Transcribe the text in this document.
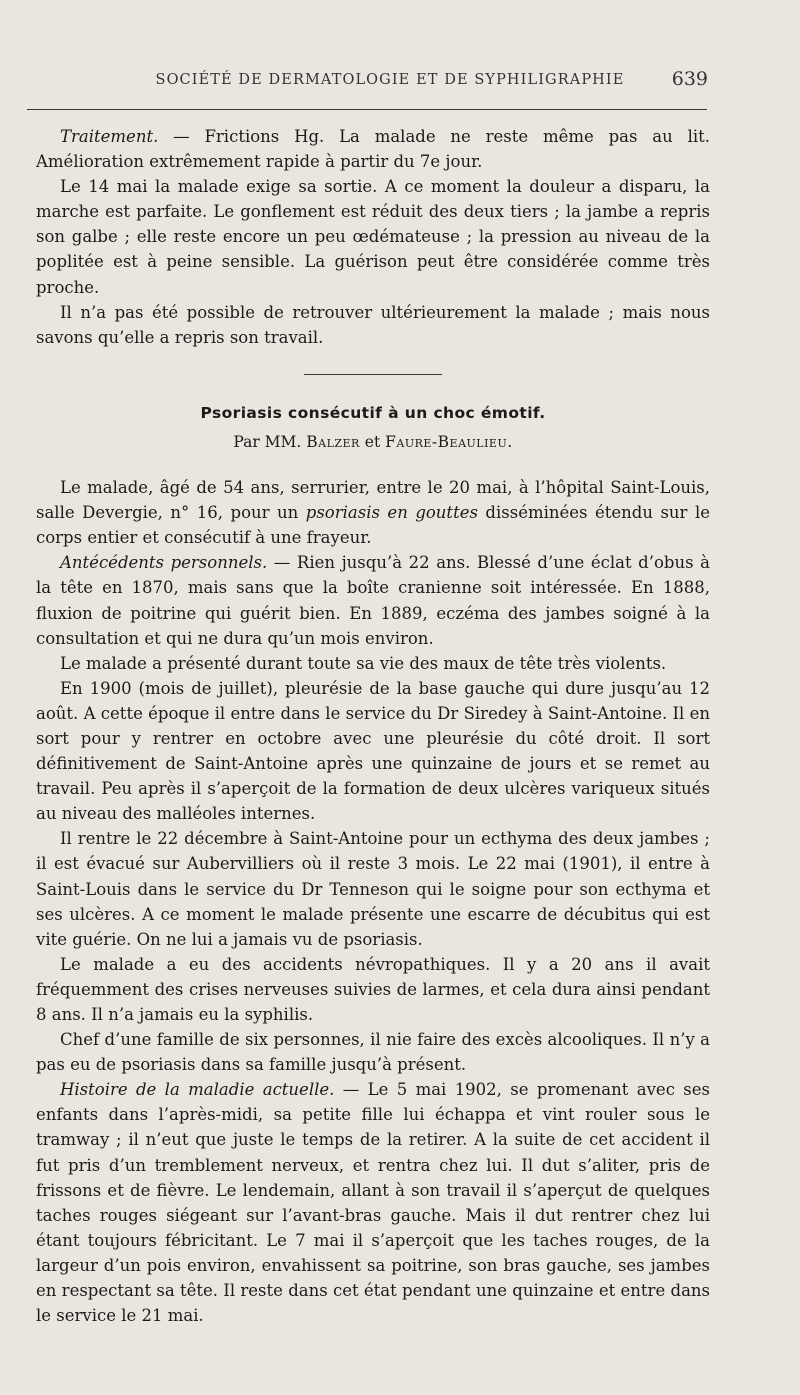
SOCIÉTÉ DE DERMATOLOGIE ET DE SYPHILIGRAPHIE	639

Traitement. — Frictions Hg. La malade ne reste même pas au lit. Amélioration extrêmement rapide à partir du 7e jour.

Le 14 mai la malade exige sa sortie. A ce moment la douleur a disparu, la marche est parfaite. Le gonflement est réduit des deux tiers ; la jambe a repris son galbe ; elle reste encore un peu œdémateuse ; la pression au niveau de la poplitée est à peine sensible. La guérison peut être considérée comme très proche.

Il n’a pas été possible de retrouver ultérieurement la malade ; mais nous savons qu’elle a repris son travail.

Psoriasis consécutif à un choc émotif.
Par MM. Balzer et Faure-Beaulieu.

Le malade, âgé de 54 ans, serrurier, entre le 20 mai, à l’hôpital Saint-Louis, salle Devergie, n° 16, pour un psoriasis en gouttes disséminées étendu sur le corps entier et consécutif à une frayeur.

Antécédents personnels. — Rien jusqu’à 22 ans. Blessé d’une éclat d’obus à la tête en 1870, mais sans que la boîte cranienne soit intéressée. En 1888, fluxion de poitrine qui guérit bien. En 1889, eczéma des jambes soigné à la consultation et qui ne dura qu’un mois environ.

Le malade a présenté durant toute sa vie des maux de tête très violents.

En 1900 (mois de juillet), pleurésie de la base gauche qui dure jusqu’au 12 août. A cette époque il entre dans le service du Dr Siredey à Saint-Antoine. Il en sort pour y rentrer en octobre avec une pleurésie du côté droit. Il sort définitivement de Saint-Antoine après une quinzaine de jours et se remet au travail. Peu après il s’aperçoit de la formation de deux ulcères variqueux situés au niveau des malléoles internes.

Il rentre le 22 décembre à Saint-Antoine pour un ecthyma des deux jambes ; il est évacué sur Aubervilliers où il reste 3 mois. Le 22 mai (1901), il entre à Saint-Louis dans le service du Dr Tenneson qui le soigne pour son ecthyma et ses ulcères. A ce moment le malade présente une escarre de décubitus qui est vite guérie. On ne lui a jamais vu de psoriasis.

Le malade a eu des accidents névropathiques. Il y a 20 ans il avait fréquemment des crises nerveuses suivies de larmes, et cela dura ainsi pendant 8 ans. Il n’a jamais eu la syphilis.

Chef d’une famille de six personnes, il nie faire des excès alcooliques. Il n’y a pas eu de psoriasis dans sa famille jusqu’à présent.

Histoire de la maladie actuelle. — Le 5 mai 1902, se promenant avec ses enfants dans l’après-midi, sa petite fille lui échappa et vint rouler sous le tramway ; il n’eut que juste le temps de la retirer. A la suite de cet accident il fut pris d’un tremblement nerveux, et rentra chez lui. Il dut s’aliter, pris de frissons et de fièvre. Le lendemain, allant à son travail il s’aperçut de quelques taches rouges siégeant sur l’avant-bras gauche. Mais il dut rentrer chez lui étant toujours fébricitant. Le 7 mai il s’aperçoit que les taches rouges, de la largeur d’un pois environ, envahissent sa poitrine, son bras gauche, ses jambes en respectant sa tête. Il reste dans cet état pendant une quinzaine et entre dans le service le 21 mai.
